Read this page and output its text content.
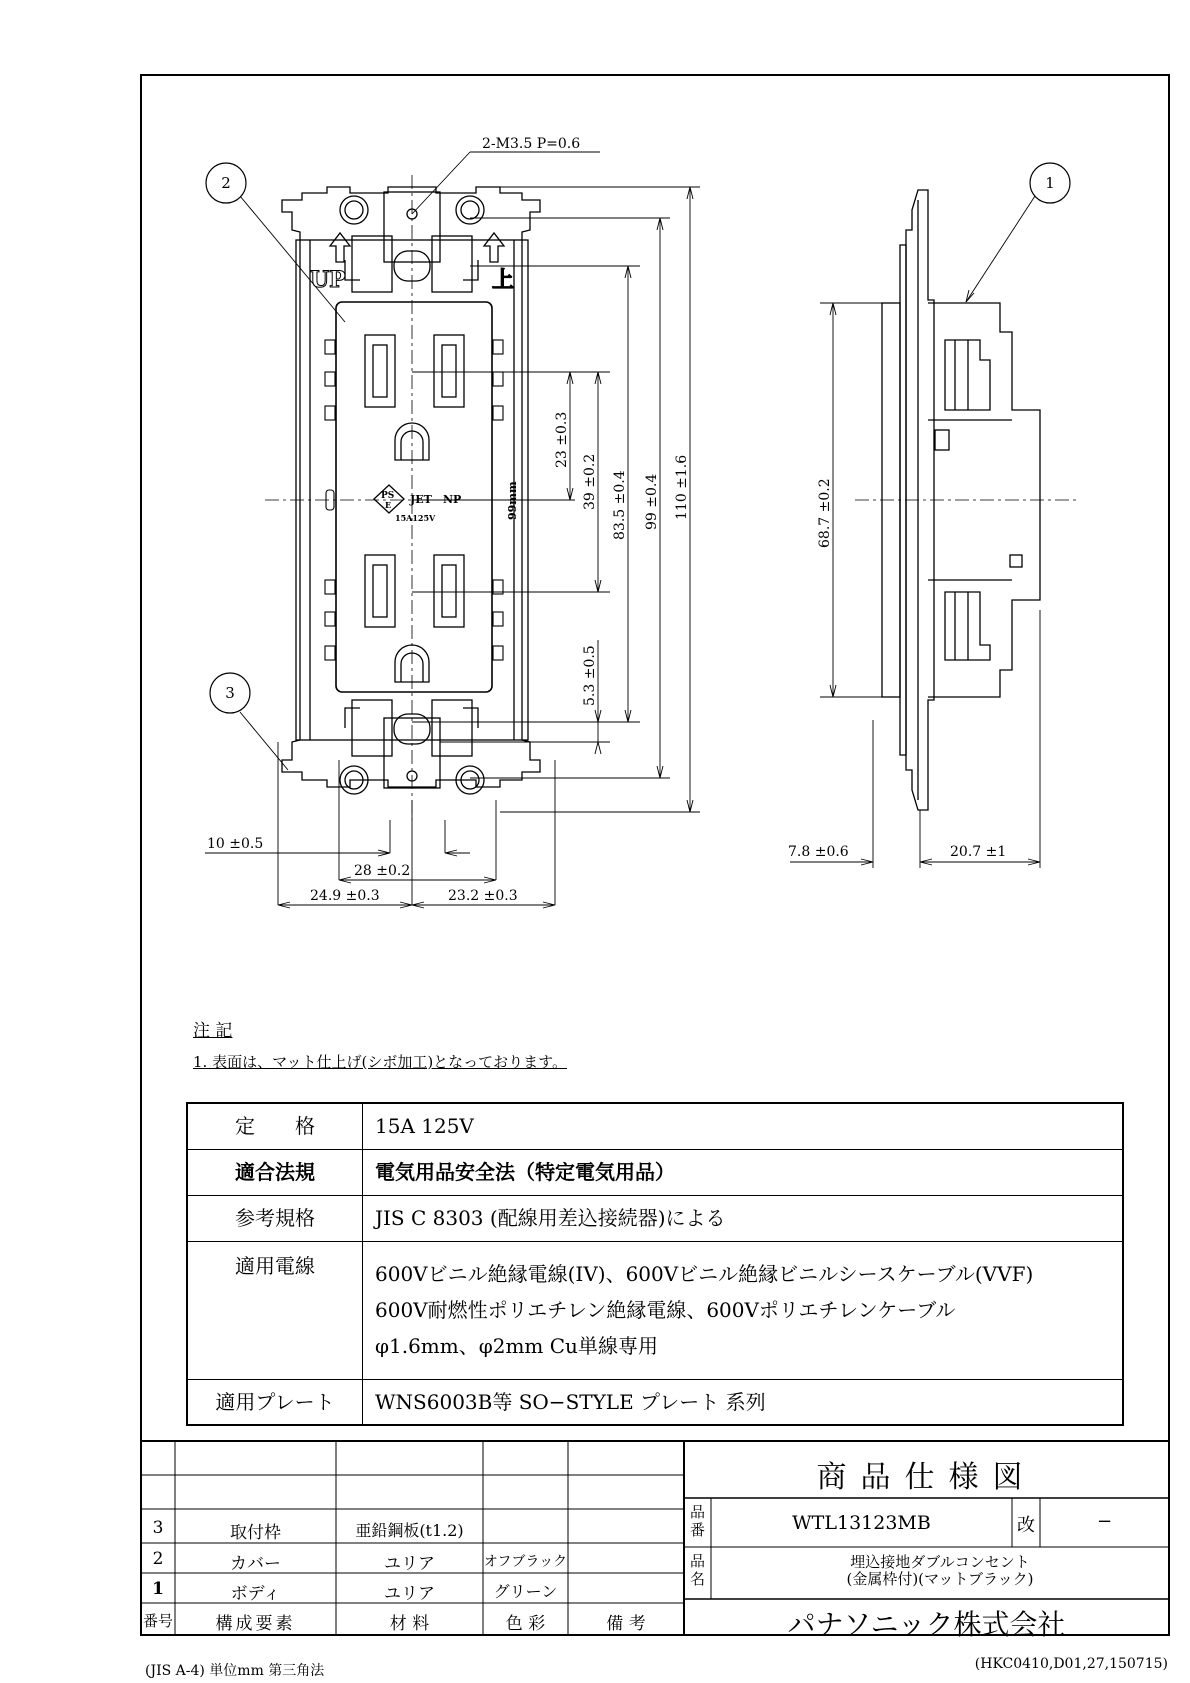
UP	上
PS
E JET NP
15A125V	99mm
2-M3.5 P=0.6
110 ±1.6
99 ±0.4
83.5 ±0.4
39 ±0.2
23 ±0.3
5.3 ±0.5
10 ±0.5
28 ±0.2
24.9 ±0.3	23.2 ±0.3
2	1
3
68.7 ±0.2
7.8 ±0.6	20.7 ±1
注 記
1. 表面は、マット仕上げ(シボ加工)となっております。
定　　格	15A 125V
適合法規	電気用品安全法（特定電気用品）
参考規格	JIS C 8303 (配線用差込接続器)による
適用電線	600Vビニル絶縁電線(IV)、600Vビニル絶縁ビニルシースケーブル(VVF)
600V耐燃性ポリエチレン絶縁電線、600Vポリエチレンケーブル
φ1.6mm、φ2mm Cu単線専用

適用プレート	WNS6003B等 SO−STYLE プレート 系列
3	取付枠	亜鉛鋼板(t1.2)
2	カバー	ユリア	オフブラック
1	ボディ	ユリア	グリーン
番号	構成要素	材 料	色 彩	備 考
商品仕様図
品番	WTL13123MB	改	−
品名
埋込接地ダブルコンセント
(金属枠付)(マットブラック)
パナソニック株式会社
(JIS A-4) 単位mm 第三角法	(HKC0410,D01,27,150715)
